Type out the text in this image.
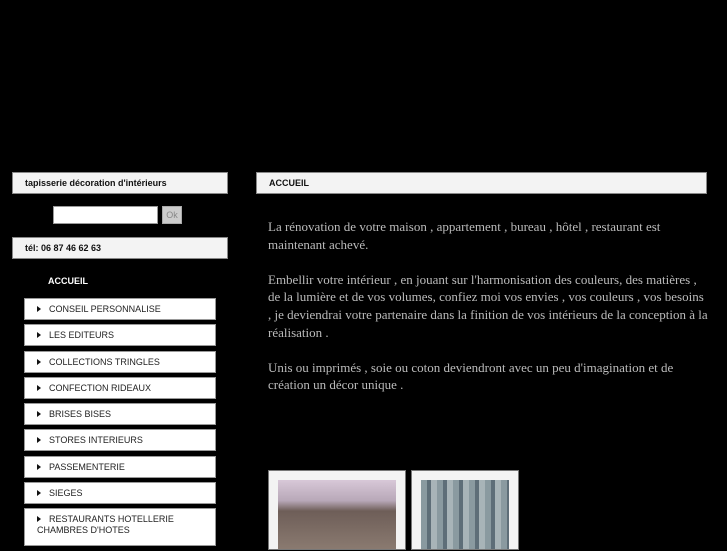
tapisserie décoration d'intérieurs
Ok
tél: 06 87 46 62 63
ACCUEIL
CONSEIL PERSONNALISE
LES EDITEURS
COLLECTIONS TRINGLES
CONFECTION RIDEAUX
BRISES BISES
STORES INTERIEURS
PASSEMENTERIE
SIEGES
RESTAURANTS HOTELLERIE
CHAMBRES D'HOTES
ACCUEIL

La rénovation de votre maison , appartement , bureau , hôtel , restaurant est maintenant achevé.

Embellir votre intérieur , en jouant sur l'harmonisation des couleurs, des matières , de la lumière et de vos volumes, confiez moi vos envies , vos couleurs , vos besoins , je deviendrai votre partenaire dans la finition de vos intérieurs de la conception à la réalisation .

Unis ou imprimés , soie ou coton deviendront avec un peu d'imagination et de création un décor unique .
